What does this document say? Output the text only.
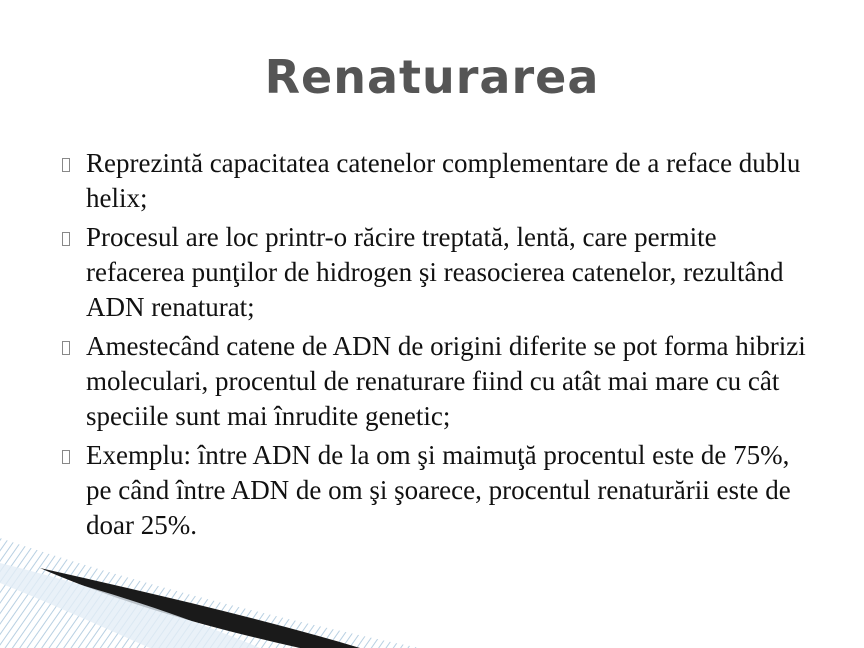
Renaturarea
Reprezintă capacitatea catenelor complementare de a reface dublu helix;
Procesul are loc printr-o răcire treptată, lentă, care permite refacerea punţilor de hidrogen şi reasocierea catenelor, rezultând ADN renaturat;
Amestecând catene de ADN de origini diferite se pot forma hibrizi moleculari, procentul de renaturare fiind cu atât mai mare cu cât speciile sunt mai înrudite genetic;
Exemplu: între ADN de la om şi maimuţă procentul este de 75%, pe când între ADN de om şi şoarece, procentul renaturării este de doar 25%.
